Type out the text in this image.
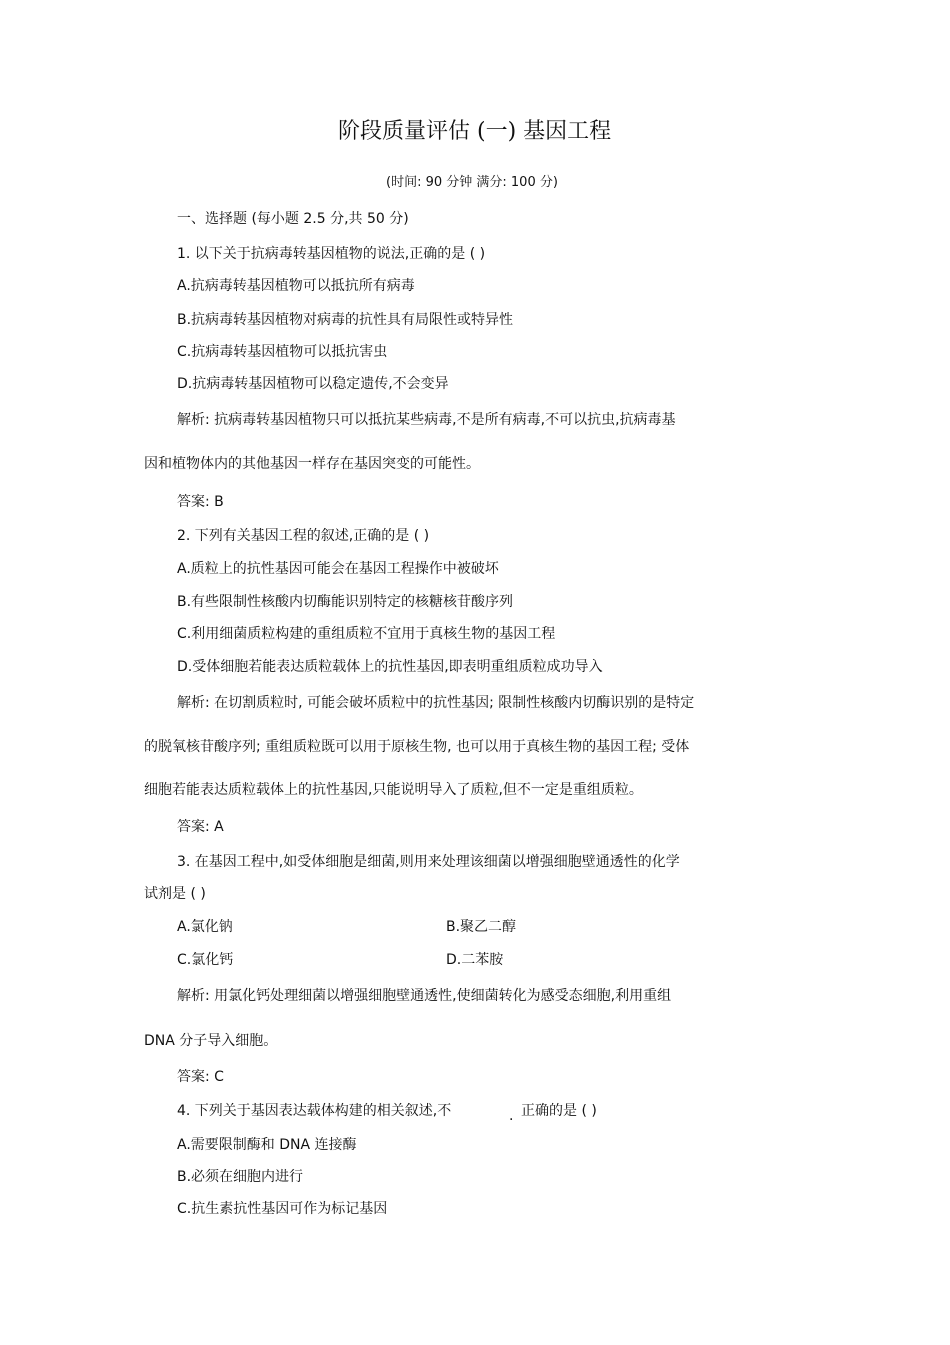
阶段质量评估 (一) 基因工程
(时间: 90 分钟 满分: 100 分)
一、选择题 (每小题 2.5 分,共 50 分)
1. 以下关于抗病毒转基因植物的说法,正确的是 ( )
A.抗病毒转基因植物可以抵抗所有病毒
B.抗病毒转基因植物对病毒的抗性具有局限性或特异性
C.抗病毒转基因植物可以抵抗害虫
D.抗病毒转基因植物可以稳定遗传,不会变异
解析: 抗病毒转基因植物只可以抵抗某些病毒,不是所有病毒,不可以抗虫,抗病毒基
因和植物体内的其他基因一样存在基因突变的可能性。
答案: B
2. 下列有关基因工程的叙述,正确的是 ( )
A.质粒上的抗性基因可能会在基因工程操作中被破坏
B.有些限制性核酸内切酶能识别特定的核糖核苷酸序列
C.利用细菌质粒构建的重组质粒不宜用于真核生物的基因工程
D.受体细胞若能表达质粒载体上的抗性基因,即表明重组质粒成功导入
解析: 在切割质粒时, 可能会破坏质粒中的抗性基因; 限制性核酸内切酶识别的是特定
的脱氧核苷酸序列; 重组质粒既可以用于原核生物, 也可以用于真核生物的基因工程; 受体
细胞若能表达质粒载体上的抗性基因,只能说明导入了质粒,但不一定是重组质粒。
答案: A
3. 在基因工程中,如受体细胞是细菌,则用来处理该细菌以增强细胞壁通透性的化学
试剂是 ( )
A.氯化钠	B.聚乙二醇
C.氯化钙	D.二苯胺
解析: 用氯化钙处理细菌以增强细胞壁通透性,使细菌转化为感受态细胞,利用重组
DNA 分子导入细胞。
答案: C
4. 下列关于基因表达载体构建的相关叙述,不	. 正确的是 ( )
A.需要限制酶和 DNA 连接酶
B.必须在细胞内进行
C.抗生素抗性基因可作为标记基因
